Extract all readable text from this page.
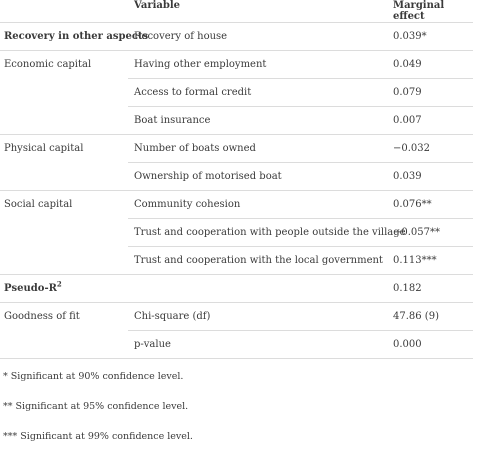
	Variable	Marginal effect
Recovery in other aspects	Recovery of house	0.039*
Economic capital	Having other employment	0.049
	Access to formal credit	0.079
	Boat insurance	0.007
Physical capital	Number of boats owned	−0.032
	Ownership of motorised boat	0.039
Social capital	Community cohesion	0.076**
	Trust and cooperation with people outside the village	−0.057**
	Trust and cooperation with the local government	0.113***
Pseudo-$R^2$		0.182
Goodness of fit	Chi-square (df)	47.86 (9)
	p-value	0.000
* Significant at 90% confidence level.
** Significant at 95% confidence level.
*** Significant at 99% confidence level.
